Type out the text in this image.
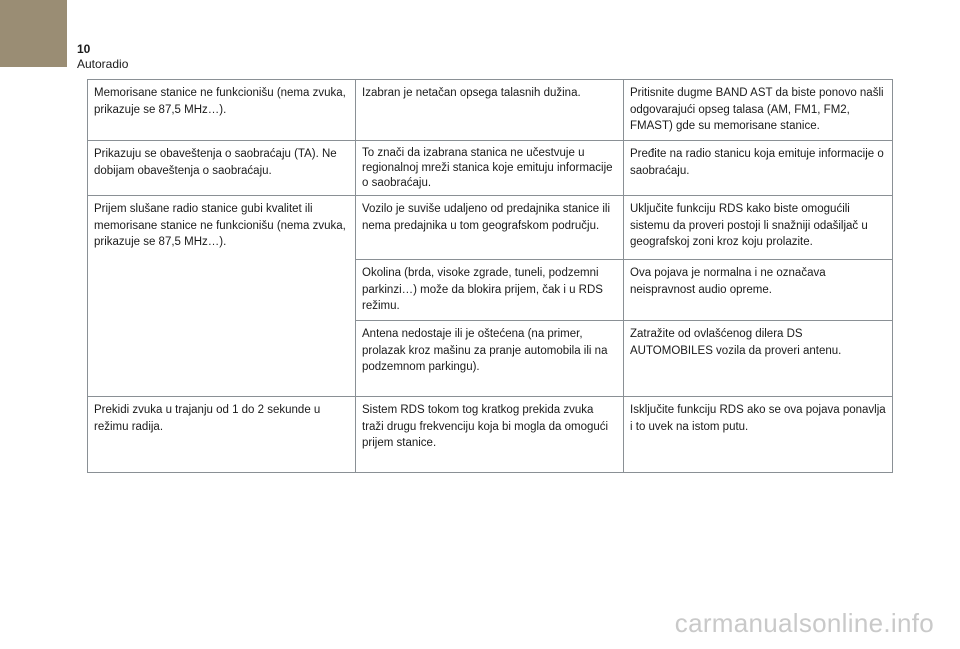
10
Autoradio
Memorisane stanice ne funkcionišu (nema zvuka, prikazuje se 87,5 MHz…).	Izabran je netačan opsega talasnih dužina.	Pritisnite dugme BAND AST da biste ponovo našli odgovarajući opseg talasa (AM, FM1, FM2, FMAST) gde su memorisane stanice.
Prikazuju se obaveštenja o saobraćaju (TA). Ne dobijam obaveštenja o saobraćaju.	To znači da izabrana stanica ne učestvuje u regionalnoj mreži stanica koje emituju informacije o saobraćaju.	Pređite na radio stanicu koja emituje informacije o saobraćaju.
Prijem slušane radio stanice gubi kvalitet ili memorisane stanice ne funkcionišu (nema zvuka, prikazuje se 87,5 MHz…).	Vozilo je suviše udaljeno od predajnika stanice ili nema predajnika u tom geografskom području.	Uključite funkciju RDS kako biste omogućili sistemu da proveri postoji li snažniji odašiljač u geografskoj zoni kroz koju prolazite.
	Okolina (brda, visoke zgrade, tuneli, podzemni parkinzi…) može da blokira prijem, čak i u RDS režimu.	Ova pojava je normalna i ne označava neispravnost audio opreme.
	Antena nedostaje ili je oštećena (na primer, prolazak kroz mašinu za pranje automobila ili na podzemnom parkingu).	Zatražite od ovlašćenog dilera DS AUTOMOBILES vozila da proveri antenu.
Prekidi zvuka u trajanju od 1 do 2 sekunde u režimu radija.	Sistem RDS tokom tog kratkog prekida zvuka traži drugu frekvenciju koja bi mogla da omogući prijem stanice.	Isključite funkciju RDS ako se ova pojava ponavlja i to uvek na istom putu.
carmanualsonline.info
